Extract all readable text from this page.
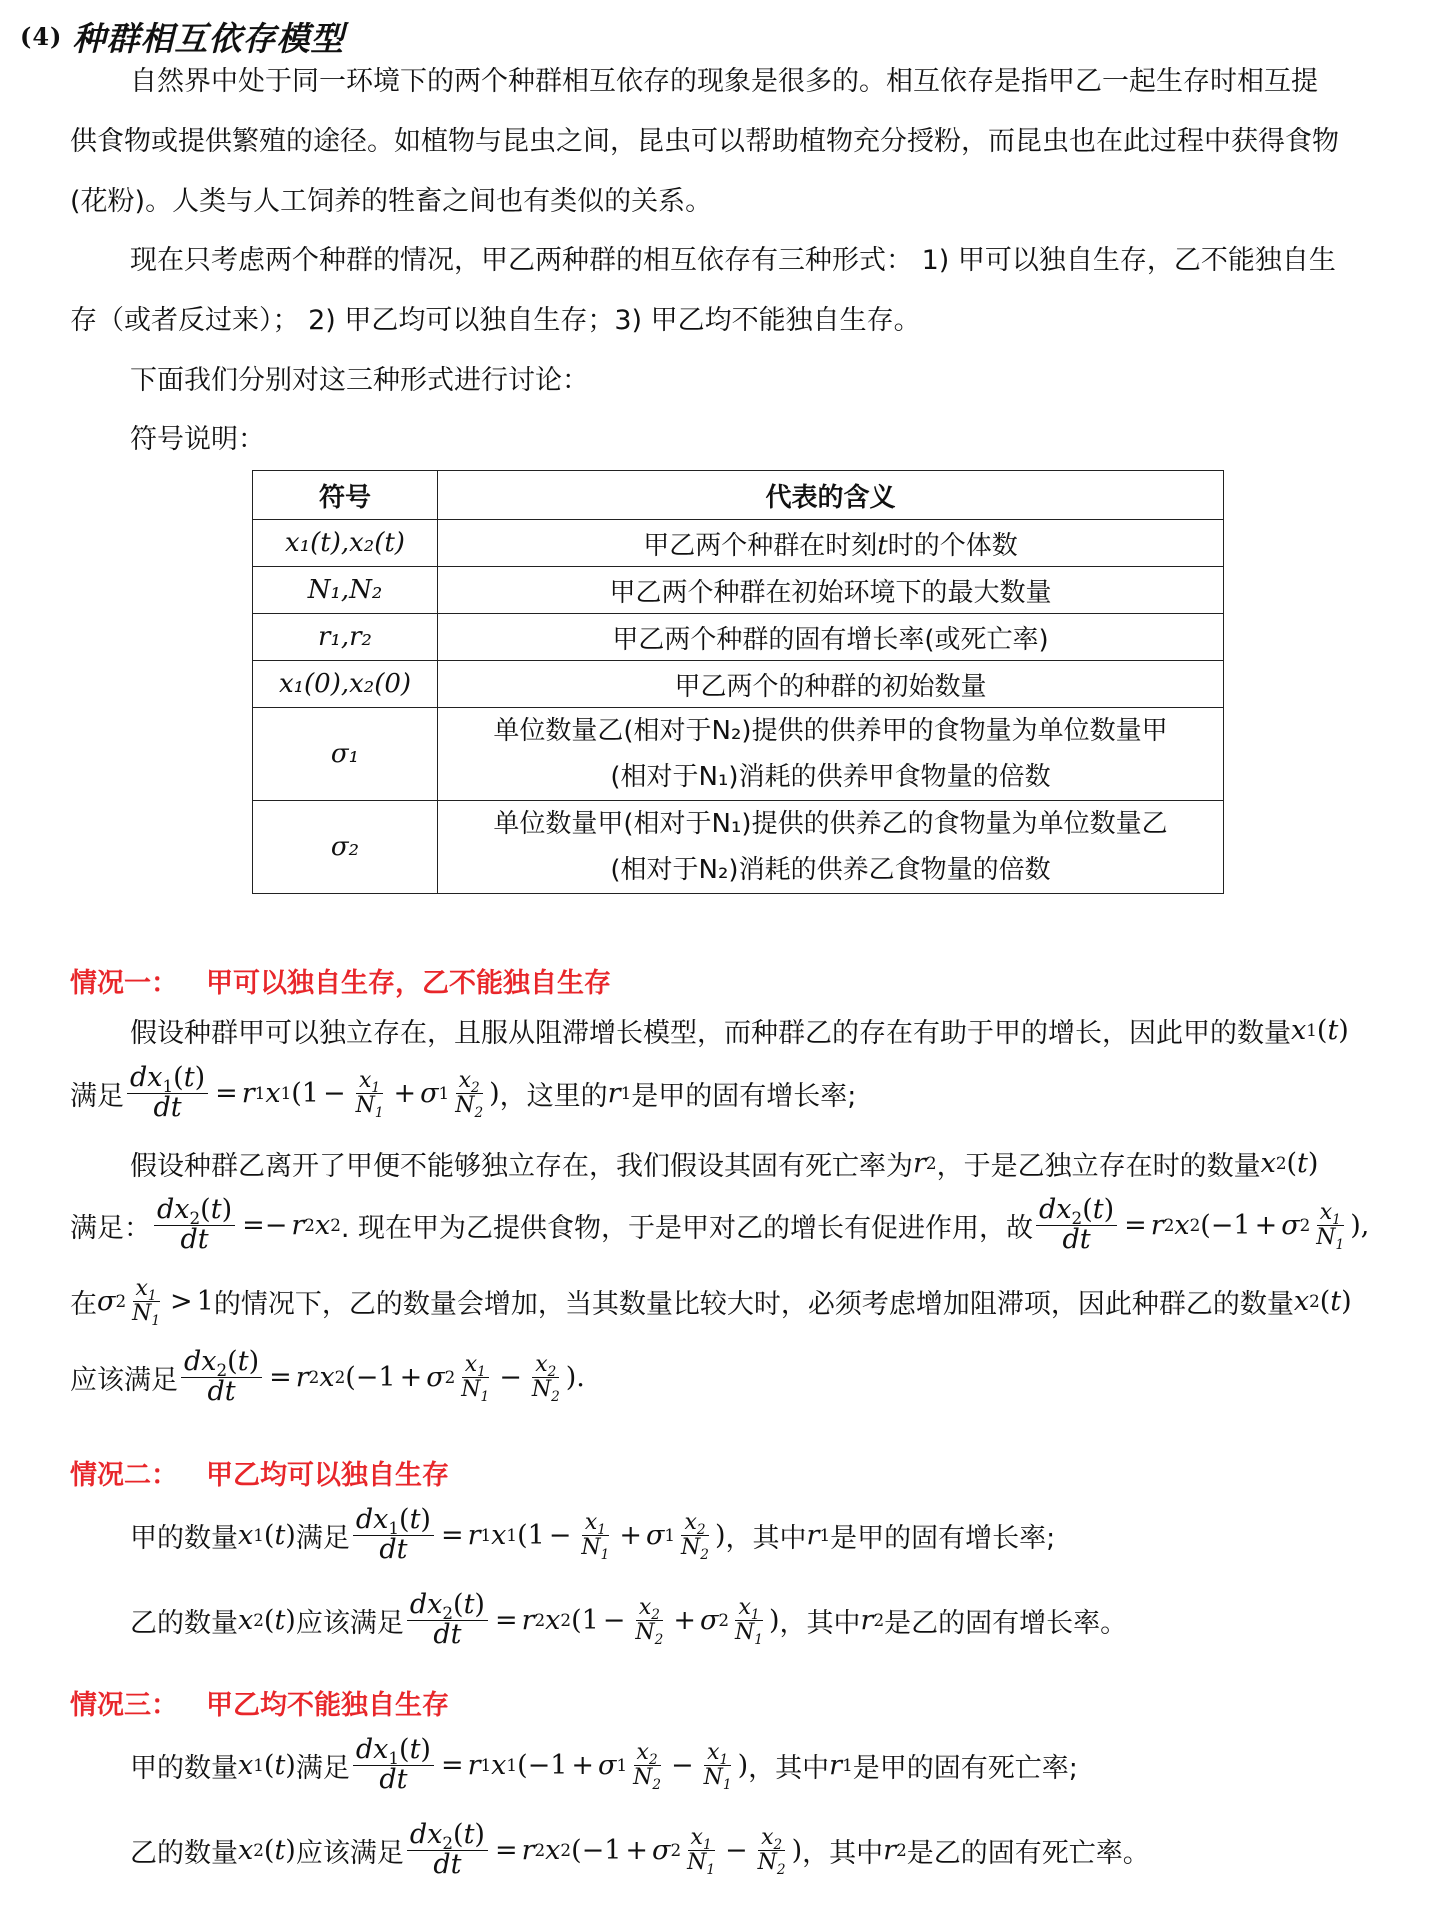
(4) 种群相互依存模型
自然界中处于同一环境下的两个种群相互依存的现象是很多的。相互依存是指甲乙一起生存时相互提
供食物或提供繁殖的途径。如植物与昆虫之间，昆虫可以帮助植物充分授粉，而昆虫也在此过程中获得食物
(花粉)。人类与人工饲养的牲畜之间也有类似的关系。
现在只考虑两个种群的情况，甲乙两种群的相互依存有三种形式： 1) 甲可以独自生存，乙不能独自生
存（或者反过来）； 2) 甲乙均可以独自生存；3) 甲乙均不能独自生存。
下面我们分别对这三种形式进行讨论：
符号说明：
符号	代表的含义
x₁(t),x₂(t)	甲乙两个种群在时刻t时的个体数
N₁,N₂	甲乙两个种群在初始环境下的最大数量
r₁,r₂	甲乙两个种群的固有增长率(或死亡率)
x₁(0),x₂(0)	甲乙两个的种群的初始数量
σ₁	单位数量乙(相对于N₂)提供的供养甲的食物量为单位数量甲
(相对于N₁)消耗的供养甲食物量的倍数

σ₂	单位数量甲(相对于N₁)提供的供养乙的食物量为单位数量乙
(相对于N₂)消耗的供养乙食物量的倍数
情况一： 甲可以独自生存，乙不能独自生存
假设种群甲可以独立存在，且服从阻滞增长模型，而种群乙的存在有助于甲的增长，因此甲的数量 x 1 ( t )
满足 $\frac{dx_1(t)}{dt} = r$ 1 x 1 ($1 - \frac{x_1}{N_1} + \sigma$ $1 \frac{x_2}{N_2}$ ) ，这里的 r 1 是甲的固有增长率;
假设种群乙离开了甲便不能够独立存在，我们假设其固有死亡率为 r 2 ，于是乙独立存在时的数量 x 2 ( t )
满足： $\frac{dx_2(t)}{dt} =- r$ 2 x 2 . 现在甲为乙提供食物，于是甲对乙的增长有促进作用，故 $\frac{dx_2(t)}{dt} = r$ 2 x 2 (−1 + σ $2 \frac{x_1}{N_1}$ ),
在 σ $2 \frac{x_1}{N_1} > 1$ 的情况下，乙的数量会增加，当其数量比较大时，必须考虑增加阻滞项，因此种群乙的数量 x 2 ( t )
应该满足 $\frac{dx_2(t)}{dt} = r$ 2 x 2 (−1 + σ $2 \frac{x_1}{N_1} - \frac{x_2}{N_2}$ ).
情况二： 甲乙均可以独自生存
甲的数量 x 1 ( t ) 满足 $\frac{dx_1(t)}{dt} = r$ 1 x 1 ($1 - \frac{x_1}{N_1} + \sigma$ $1 \frac{x_2}{N_2}$ ) ，其中 r 1 是甲的固有增长率;
乙的数量 x 2 ( t ) 应该满足 $\frac{dx_2(t)}{dt} = r$ 2 x 2 ($1 - \frac{x_2}{N_2} + \sigma$ $2 \frac{x_1}{N_1}$ ) ，其中 r 2 是乙的固有增长率。
情况三： 甲乙均不能独自生存
甲的数量 x 1 ( t ) 满足 $\frac{dx_1(t)}{dt} = r$ 1 x 1 (−1 + σ $1 \frac{x_2}{N_2} - \frac{x_1}{N_1}$ ) ，其中 r 1 是甲的固有死亡率;
乙的数量 x 2 ( t ) 应该满足 $\frac{dx_2(t)}{dt} = r$ 2 x 2 (−1 + σ $2 \frac{x_1}{N_1} - \frac{x_2}{N_2}$ ) ，其中 r 2 是乙的固有死亡率。
